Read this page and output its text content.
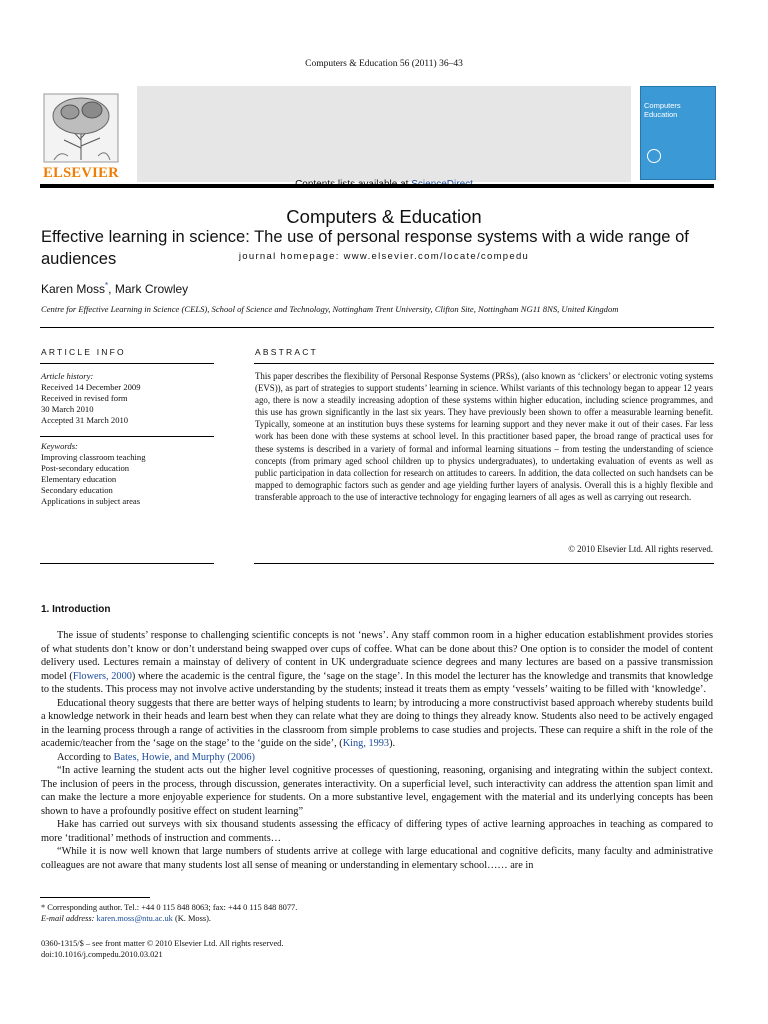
Computers & Education 56 (2011) 36–43
ELSEVIER
Computers & Education
journal homepage: www.elsevier.com/locate/compedu
Computers
Education
Effective learning in science: The use of personal response systems with a wide range of audiences
Karen Moss*, Mark Crowley
Centre for Effective Learning in Science (CELS), School of Science and Technology, Nottingham Trent University, Clifton Site, Nottingham NG11 8NS, United Kingdom
ARTICLE INFO	ABSTRACT
Article history:
Received 14 December 2009
Received in revised form
30 March 2010
Accepted 31 March 2010
Keywords:
Improving classroom teaching
Post-secondary education
Elementary education
Secondary education
Applications in subject areas
This paper describes the flexibility of Personal Response Systems (PRSs), (also known as ‘clickers’ or electronic voting systems (EVS)), as part of strategies to support students’ learning in science. Whilst variants of this technology began to appear 12 years ago, there is now a steadily increasing adoption of these systems within higher education, including science programmes, and this use has grown significantly in the last six years. They have previously been shown to offer a measurable learning benefit. Typically, someone at an institution buys these systems for learning support and they never make it out of their cases. Far less work has been done with these systems at school level. In this practitioner based paper, the broad range of practical uses for these systems is described in a variety of formal and informal learning situations – from testing the understanding of science concepts (from primary aged school children up to physics undergraduates), to undertaking evaluation of events as well as public participation in data collection for research on attitudes to careers. In addition, the data collected on such handsets can be mapped to demographic factors such as gender and age yielding further layers of analysis. Overall this is a highly flexible and transferable approach to the use of interactive technology for engaging learners of all ages as well as carrying out research.
© 2010 Elsevier Ltd. All rights reserved.
1. Introduction

The issue of students’ response to challenging scientific concepts is not ‘news’. Any staff common room in a higher education establishment provides stories of what students don’t know or don’t understand being swapped over cups of coffee. What can be done about this? One option is to consider the model of content delivery used. Lectures remain a mainstay of delivery of content in UK undergraduate science degrees and many lectures are based on a passive transmission model (Flowers, 2000) where the academic is the central figure, the ‘sage on the stage’. In this model the lecturer has the knowledge and transmits that knowledge to the students. This process may not involve active understanding by the students; instead it treats them as empty ‘vessels’ waiting to be filled with ‘knowledge’.

Educational theory suggests that there are better ways of helping students to learn; by introducing a more constructivist based approach whereby students build a knowledge network in their heads and learn best when they can relate what they are doing to things they already know. Students also need to be actively engaged in the learning process through a range of activities in the classroom from simple problems to case studies and projects. These can require a shift in the role of the academic/teacher from the ‘sage on the stage’ to the ‘guide on the side’, (King, 1993).

According to Bates, Howie, and Murphy (2006)

“In active learning the student acts out the higher level cognitive processes of questioning, reasoning, organising and integrating within the subject context. The inclusion of peers in the process, through discussion, generates interactivity. On a superficial level, such interactivity can address the attention span limit and can make the lecture a more enjoyable experience for students. On a more substantive level, engagement with the material and its underlying concepts has been shown to have a profoundly positive effect on student learning”

Hake has carried out surveys with six thousand students assessing the efficacy of differing types of active learning approaches in teaching as compared to more ‘traditional’ methods of instruction and comments…

“While it is now well known that large numbers of students arrive at college with large educational and cognitive deficits, many faculty and administrative colleagues are not aware that many students lost all sense of meaning or understanding in elementary school…… are in

* Corresponding author. Tel.: +44 0 115 848 8063; fax: +44 0 115 848 8077.
E-mail address: karen.moss@ntu.ac.uk (K. Moss).
0360-1315/$ – see front matter © 2010 Elsevier Ltd. All rights reserved.
doi:10.1016/j.compedu.2010.03.021
